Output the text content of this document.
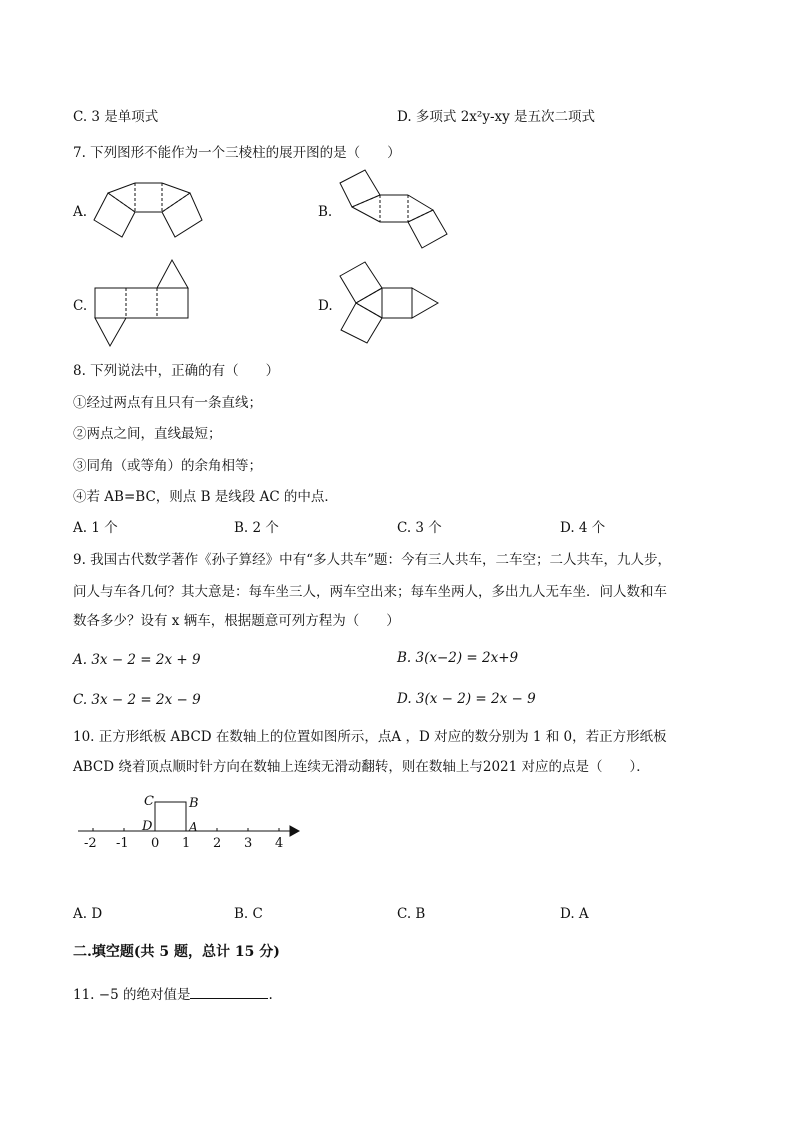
C. 3 是单项式	D. 多项式 2x²y-xy 是五次二项式
7. 下列图形不能作为一个三棱柱的展开图的是（　　）
A.	B.
C.	D.
8. 下列说法中，正确的有（　　）
①经过两点有且只有一条直线；
②两点之间，直线最短；
③同角（或等角）的余角相等；
④若 AB=BC，则点 B 是线段 AC 的中点．
A. 1 个	B. 2 个	C. 3 个	D. 4 个
9. 我国古代数学著作《孙子算经》中有“多人共车”题：今有三人共车，二车空；二人共车，九人步，
问人与车各几何？其大意是：每车坐三人，两车空出来；每车坐两人，多出九人无车坐．问人数和车
数各多少？设有 x 辆车，根据题意可列方程为（　　）
A. 3x − 2 = 2x + 9	B. 3(x−2) = 2x+9
C. 3x − 2 = 2x − 9	D. 3(x − 2) = 2x − 9
10. 正方形纸板 ABCD 在数轴上的位置如图所示，点A ，D 对应的数分别为 1 和 0，若正方形纸板
ABCD 绕着顶点顺时针方向在数轴上连续无滑动翻转，则在数轴上与2021 对应的点是（　　）．
C	B
D	A
-2 -1 0 1 2 3 4
A. D	B. C	C. B	D. A
二.填空题(共 5 题，总计 15 分)
11. −5 的绝对值是	.
